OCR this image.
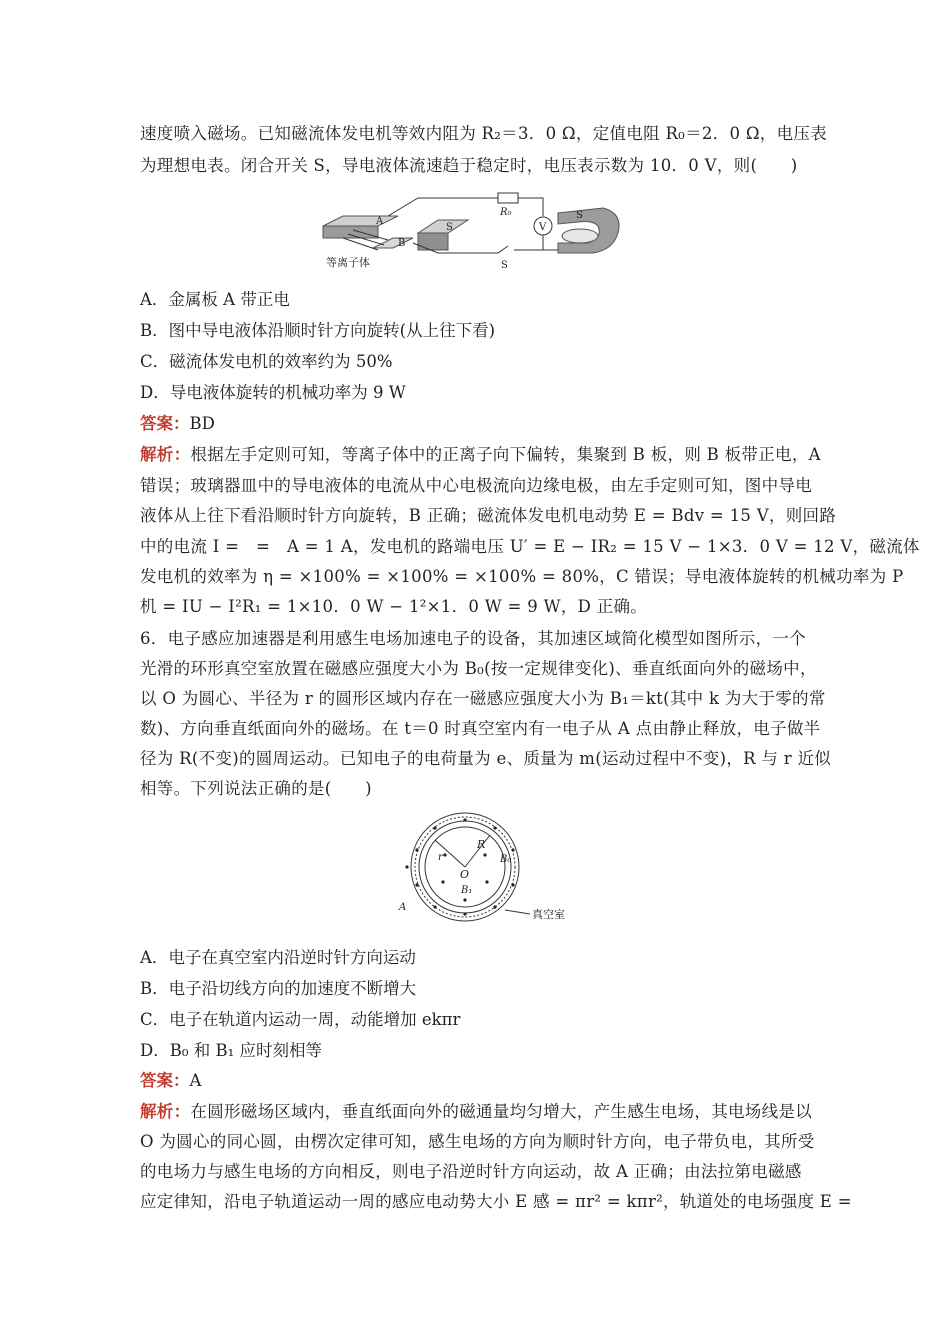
速度喷入磁场。已知磁流体发电机等效内阻为 R₂＝3．0 Ω，定值电阻 R₀＝2．0 Ω，电压表
为理想电表。闭合开关 S，导电液体流速趋于稳定时，电压表示数为 10．0 V，则(　　)
A
B
等离子体
S
R₀
V
S
S
A．金属板 A 带正电
B．图中导电液体沿顺时针方向旋转(从上往下看)
C．磁流体发电机的效率约为 50%
D．导电液体旋转的机械功率为 9 W
答案：BD
解析：根据左手定则可知，等离子体中的正离子向下偏转，集聚到 B 板，则 B 板带正电，A
错误；玻璃器皿中的导电液体的电流从中心电极流向边缘电极，由左手定则可知，图中导电
液体从上往下看沿顺时针方向旋转，B 正确；磁流体发电机电动势 E = Bdv = 15 V，则回路
中的电流 I =　=　A = 1 A，发电机的路端电压 U′ = E − IR₂ = 15 V − 1×3．0 V = 12 V，磁流体
发电机的效率为 η = ×100% = ×100% = ×100% = 80%，C 错误；导电液体旋转的机械功率为 P
机 = IU − I²R₁ = 1×10．0 W − 1²×1．0 W = 9 W，D 正确。
6．电子感应加速器是利用感生电场加速电子的设备，其加速区域简化模型如图所示，一个
光滑的环形真空室放置在磁感应强度大小为 B₀(按一定规律变化)、垂直纸面向外的磁场中，
以 O 为圆心、半径为 r 的圆形区域内存在一磁感应强度大小为 B₁＝kt(其中 k 为大于零的常
数)、方向垂直纸面向外的磁场。在 t＝0 时真空室内有一电子从 A 点由静止释放，电子做半
径为 R(不变)的圆周运动。已知电子的电荷量为 e、质量为 m(运动过程中不变)，R 与 r 近似
相等。下列说法正确的是(　　)
R
r
O
B₁
B₀
A
真空室
A．电子在真空室内沿逆时针方向运动
B．电子沿切线方向的加速度不断增大
C．电子在轨道内运动一周，动能增加 ekπr
D．B₀ 和 B₁ 应时刻相等
答案：A
解析：在圆形磁场区域内，垂直纸面向外的磁通量均匀增大，产生感生电场，其电场线是以
O 为圆心的同心圆，由楞次定律可知，感生电场的方向为顺时针方向，电子带负电，其所受
的电场力与感生电场的方向相反，则电子沿逆时针方向运动，故 A 正确；由法拉第电磁感
应定律知，沿电子轨道运动一周的感应电动势大小 E 感 = πr² = kπr²，轨道处的电场强度 E =
